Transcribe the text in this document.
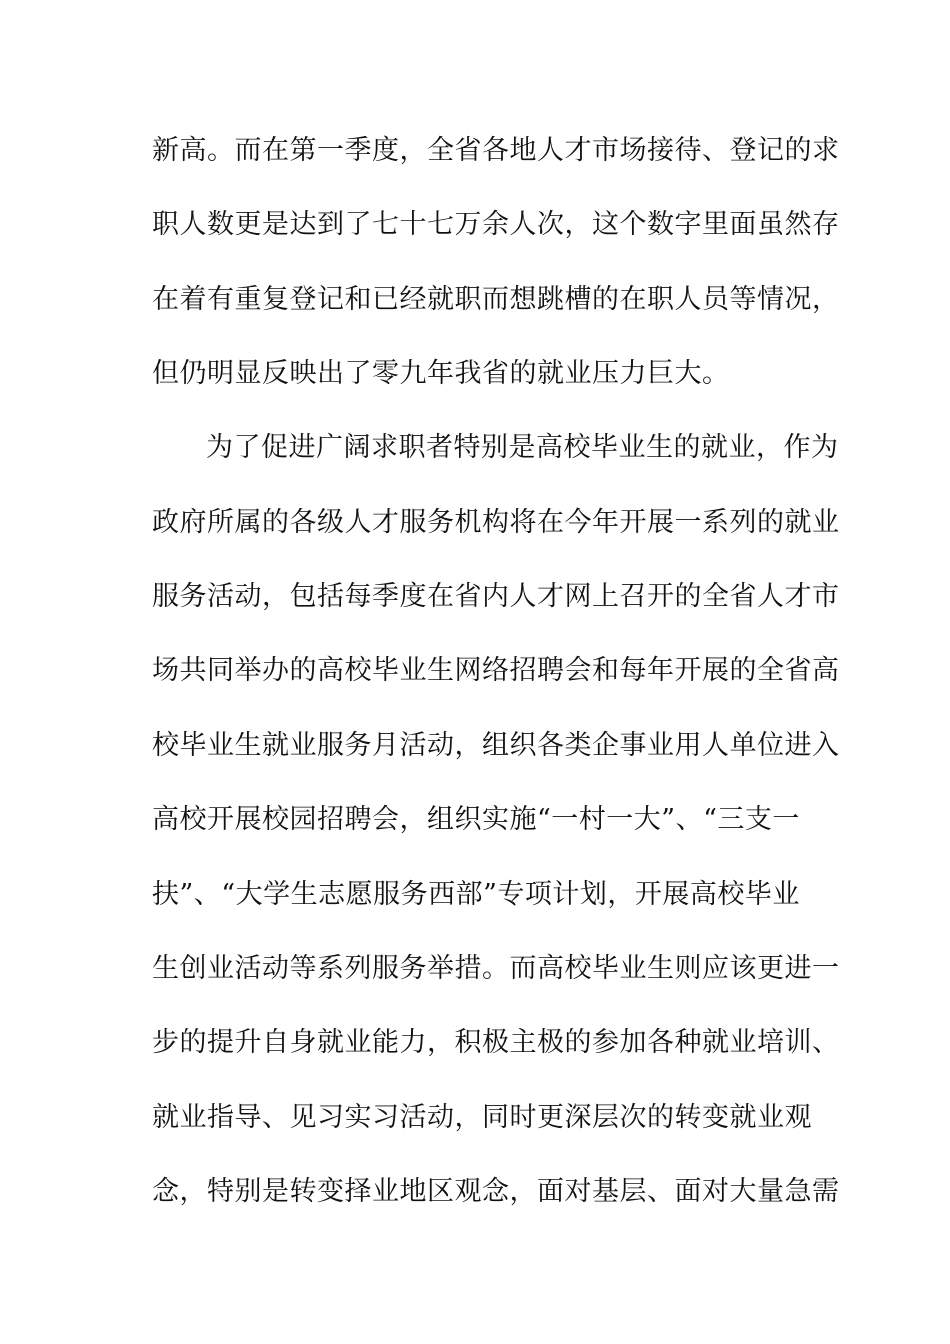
新高。而在第一季度，全省各地人才市场接待、登记的求
职人数更是达到了七十七万余人次，这个数字里面虽然存
在着有重复登记和已经就职而想跳槽的在职人员等情况，
但仍明显反映出了零九年我省的就业压力巨大。
为了促进广阔求职者特别是高校毕业生的就业，作为
政府所属的各级人才服务机构将在今年开展一系列的就业
服务活动，包括每季度在省内人才网上召开的全省人才市
场共同举办的高校毕业生网络招聘会和每年开展的全省高
校毕业生就业服务月活动，组织各类企事业用人单位进入
高校开展校园招聘会，组织实施“一村一大”、“三支一
扶”、“大学生志愿服务西部”专项计划，开展高校毕业
生创业活动等系列服务举措。而高校毕业生则应该更进一
步的提升自身就业能力，积极主极的参加各种就业培训、
就业指导、见习实习活动，同时更深层次的转变就业观
念，特别是转变择业地区观念，面对基层、面对大量急需
